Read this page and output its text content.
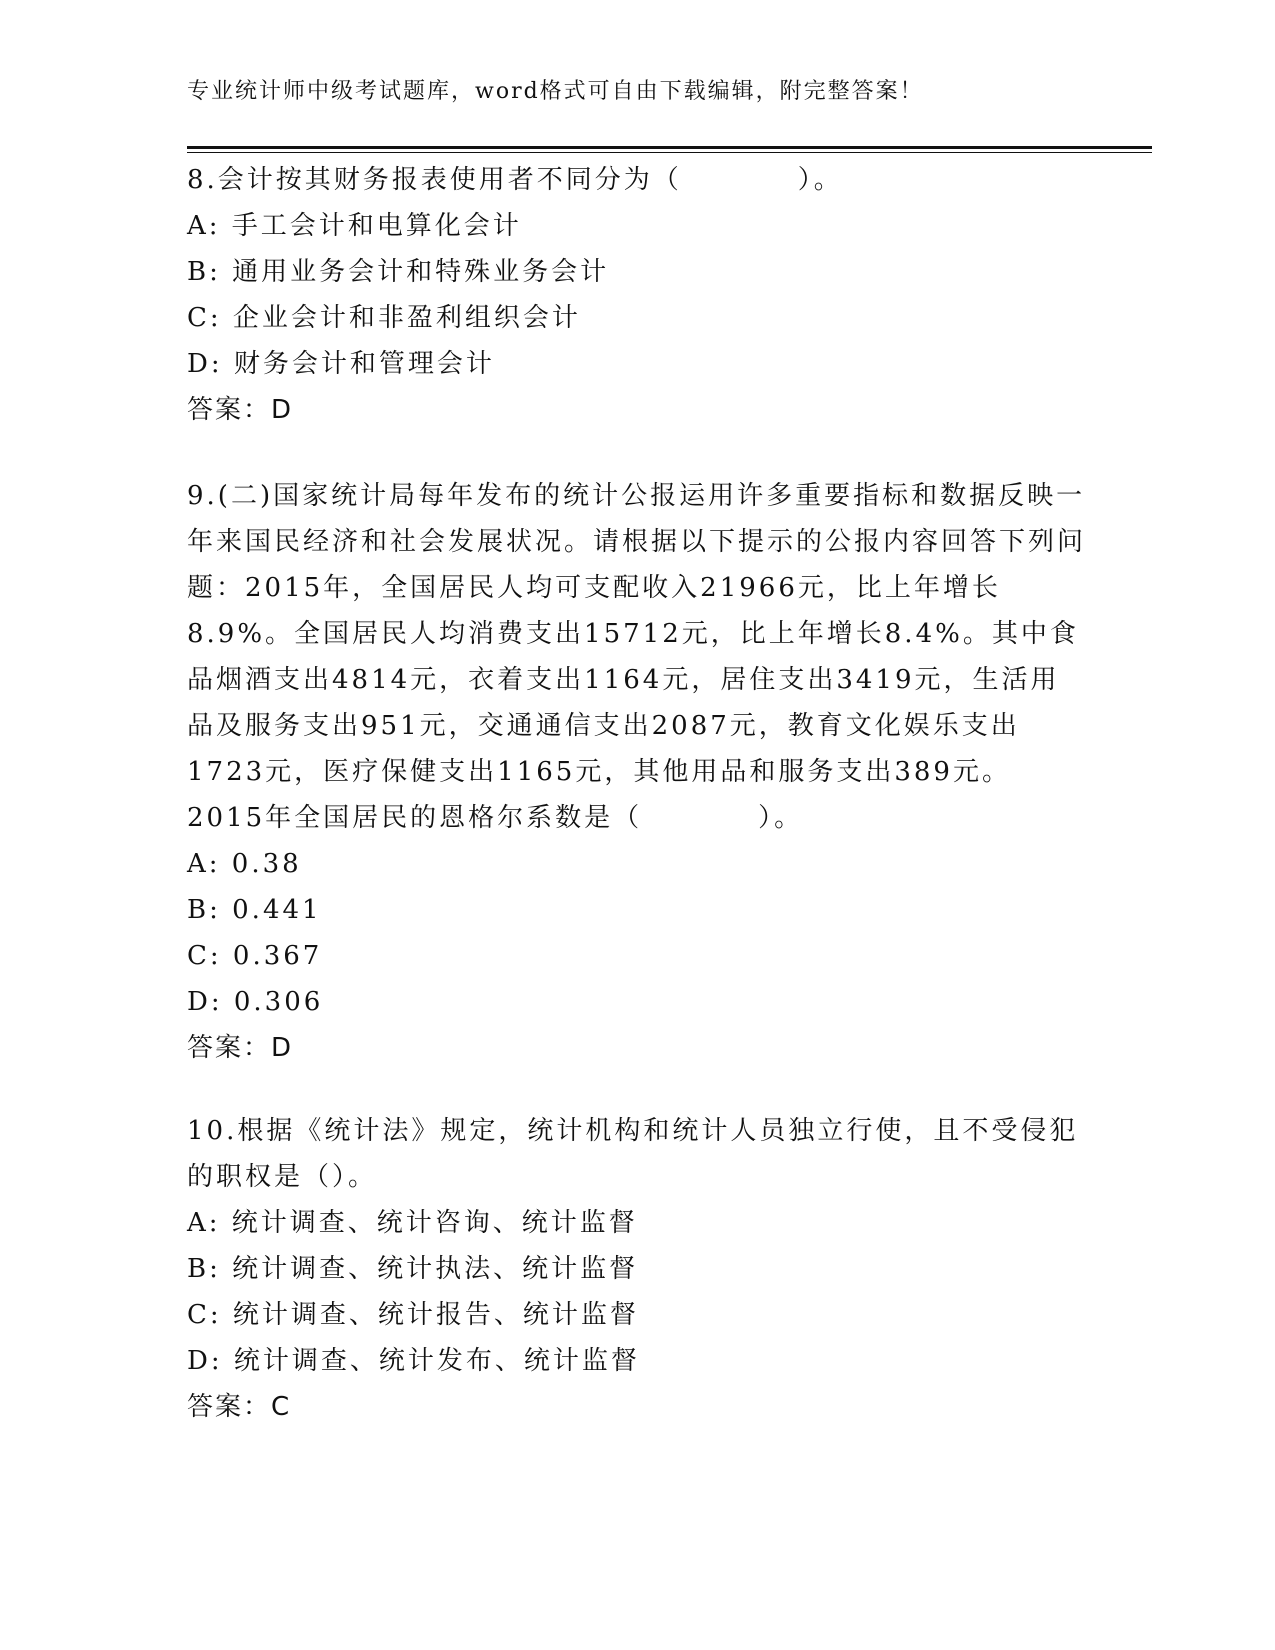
专业统计师中级考试题库，word格式可自由下载编辑，附完整答案！

8.会计按其财务报表使用者不同分为（　　　　）。

A: 手工会计和电算化会计

B: 通用业务会计和特殊业务会计

C: 企业会计和非盈利组织会计

D: 财务会计和管理会计

答案：D

9.(二)国家统计局每年发布的统计公报运用许多重要指标和数据反映一年来国民经济和社会发展状况。请根据以下提示的公报内容回答下列问题：2015年，全国居民人均可支配收入21966元，比上年增长8.9%。全国居民人均消费支出15712元，比上年增长8.4%。其中食品烟酒支出4814元，衣着支出1164元，居住支出3419元，生活用品及服务支出951元，交通通信支出2087元，教育文化娱乐支出1723元，医疗保健支出1165元，其他用品和服务支出389元。2015年全国居民的恩格尔系数是（　　　　）。

A: 0.38

B: 0.441

C: 0.367

D: 0.306

答案：D

10.根据《统计法》规定，统计机构和统计人员独立行使，且不受侵犯的职权是（）。

A: 统计调查、统计咨询、统计监督

B: 统计调查、统计执法、统计监督

C: 统计调查、统计报告、统计监督

D: 统计调查、统计发布、统计监督

答案：C
